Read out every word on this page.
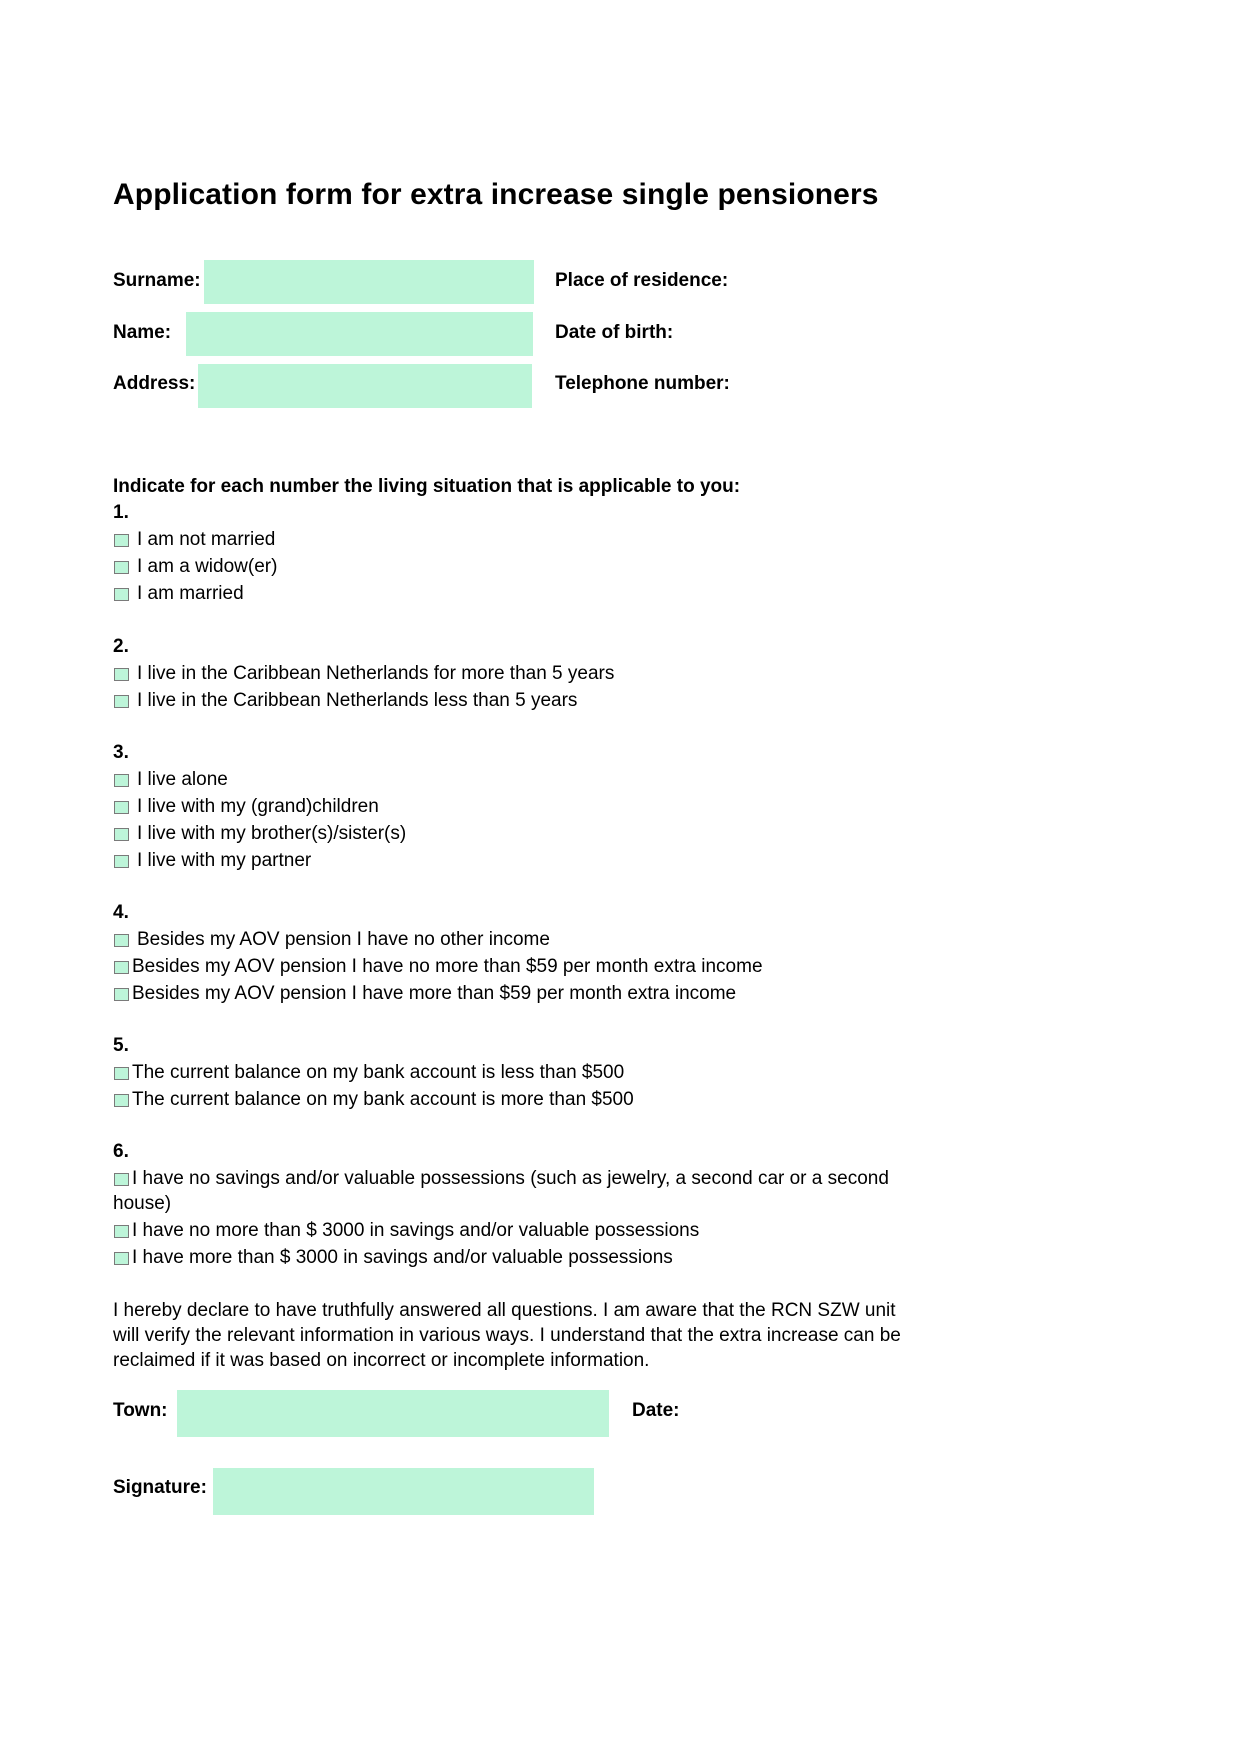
Application form for extra increase single pensioners
Surname:
Name:
Address:
Place of residence:
Date of birth:
Telephone number:
Indicate for each number the living situation that is applicable to you:
1.
I am not married
I am a widow(er)
I am married
2.
I live in the Caribbean Netherlands for more than 5 years
I live in the Caribbean Netherlands less than 5 years
3.
I live alone
I live with my (grand)children
I live with my brother(s)/sister(s)
I live with my partner
4.
Besides my AOV pension I have no other income
Besides my AOV pension I have no more than $59 per month extra income
Besides my AOV pension I have more than $59 per month extra income
5.
The current balance on my bank account is less than $500
The current balance on my bank account is more than $500
6.
I have no savings and/or valuable possessions (such as jewelry, a second car or a second
house)
I have no more than $ 3000 in savings and/or valuable possessions
I have more than $ 3000 in savings and/or valuable possessions
I hereby declare to have truthfully answered all questions. I am aware that the RCN SZW unit will verify the relevant information in various ways. I understand that the extra increase can be reclaimed if it was based on incorrect or incomplete information.
Town:	Date:
Signature:
